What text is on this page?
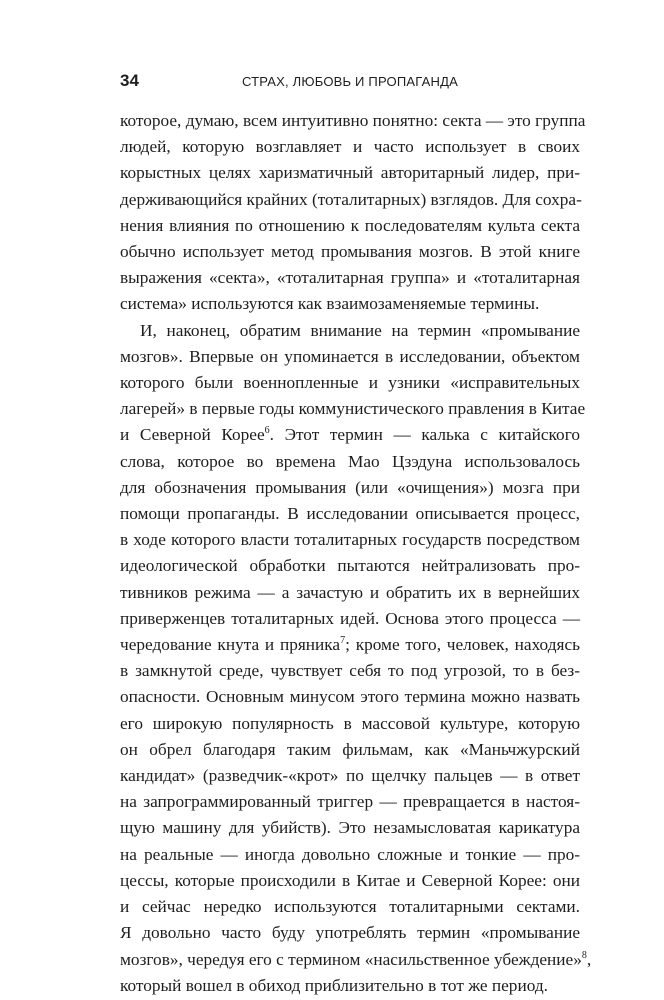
34	СТРАХ, ЛЮБОВЬ И ПРОПАГАНДА
которое, думаю, всем интуитивно понятно: секта — это группа
людей, которую возглавляет и часто использует в своих
корыстных целях харизматичный авторитарный лидер, при-
держивающийся крайних (тоталитарных) взглядов. Для сохра-
нения влияния по отношению к последователям культа секта
обычно использует метод промывания мозгов. В этой книге
выражения «секта», «тоталитарная группа» и «тоталитарная
система» используются как взаимозаменяемые термины.
И, наконец, обратим внимание на термин «промывание
мозгов». Впервые он упоминается в исследовании, объектом
которого были военнопленные и узники «исправительных
лагерей» в первые годы коммунистического правления в Китае
и Северной Корее$^6$. Этот термин — калька с китайского
слова, которое во времена Мао Цзэдуна использовалось
для обозначения промывания (или «очищения») мозга при
помощи пропаганды. В исследовании описывается процесс,
в ходе которого власти тоталитарных государств посредством
идеологической обработки пытаются нейтрализовать про-
тивников режима — а зачастую и обратить их в вернейших
приверженцев тоталитарных идей. Основа этого процесса —
чередование кнута и пряника$^7$; кроме того, человек, находясь
в замкнутой среде, чувствует себя то под угрозой, то в без-
опасности. Основным минусом этого термина можно назвать
его широкую популярность в массовой культуре, которую
он обрел благодаря таким фильмам, как «Маньчжурский
кандидат» (разведчик-«крот» по щелчку пальцев — в ответ
на запрограммированный триггер — превращается в настоя-
щую машину для убийств). Это незамысловатая карикатура
на реальные — иногда довольно сложные и тонкие — про-
цессы, которые происходили в Китае и Северной Корее: они
и сейчас нередко используются тоталитарными сектами.
Я довольно часто буду употреблять термин «промывание
мозгов», чередуя его с термином «насильственное убеждение»$^8$,
который вошел в обиход приблизительно в тот же период.
